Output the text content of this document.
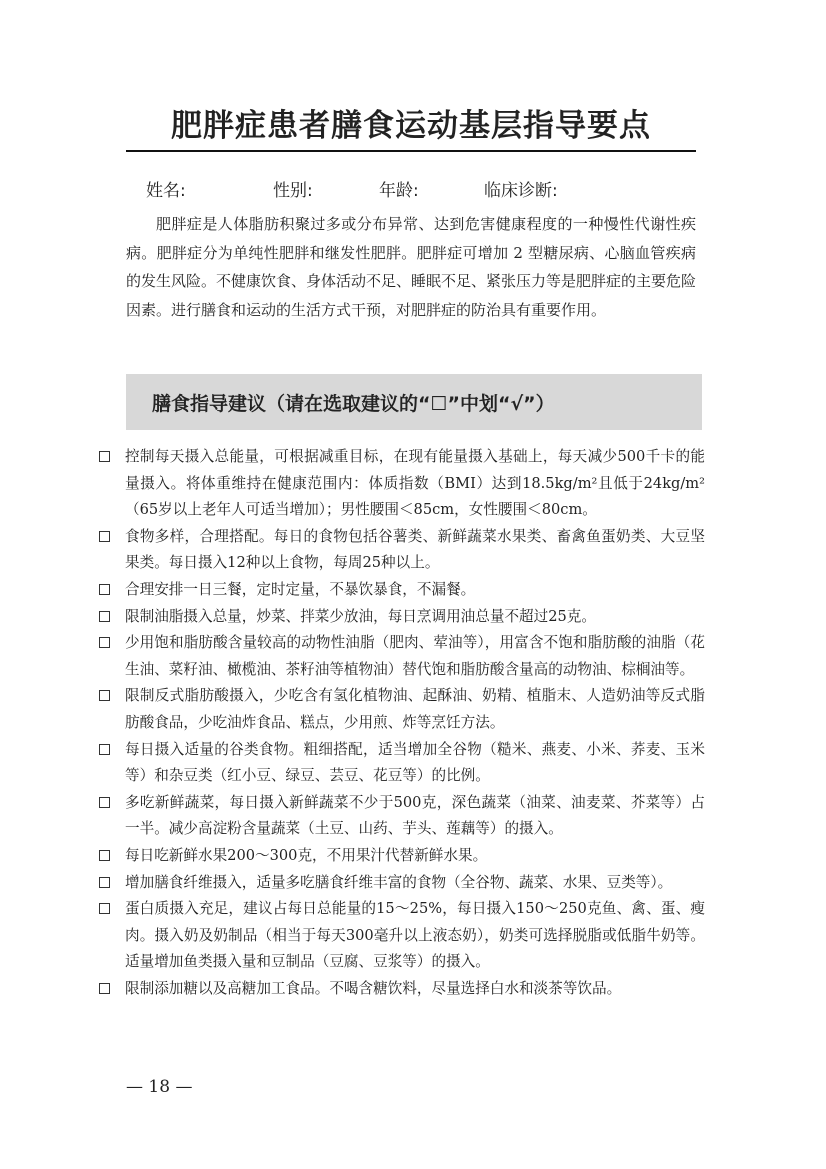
肥胖症患者膳食运动基层指导要点
姓名:	性别:	年龄:	临床诊断:
肥胖症是人体脂肪积聚过多或分布异常、达到危害健康程度的一种慢性代谢性疾病。肥胖症分为单纯性肥胖和继发性肥胖。肥胖症可增加 2 型糖尿病、心脑血管疾病的发生风险。不健康饮食、身体活动不足、睡眠不足、紧张压力等是肥胖症的主要危险因素。进行膳食和运动的生活方式干预，对肥胖症的防治具有重要作用。
膳食指导建议（请在选取建议的“☐”中划“√”）
控制每天摄入总能量，可根据减重目标，在现有能量摄入基础上，每天减少500千卡的能量摄入。将体重维持在健康范围内：体质指数（BMI）达到18.5kg/m²且低于24kg/m²（65岁以上老年人可适当增加）；男性腰围＜85cm，女性腰围＜80cm。
食物多样，合理搭配。每日的食物包括谷薯类、新鲜蔬菜水果类、畜禽鱼蛋奶类、大豆坚果类。每日摄入12种以上食物，每周25种以上。
合理安排一日三餐，定时定量，不暴饮暴食，不漏餐。
限制油脂摄入总量，炒菜、拌菜少放油，每日烹调用油总量不超过25克。
少用饱和脂肪酸含量较高的动物性油脂（肥肉、荤油等），用富含不饱和脂肪酸的油脂（花生油、菜籽油、橄榄油、茶籽油等植物油）替代饱和脂肪酸含量高的动物油、棕榈油等。
限制反式脂肪酸摄入，少吃含有氢化植物油、起酥油、奶精、植脂末、人造奶油等反式脂肪酸食品，少吃油炸食品、糕点，少用煎、炸等烹饪方法。
每日摄入适量的谷类食物。粗细搭配，适当增加全谷物（糙米、燕麦、小米、荞麦、玉米等）和杂豆类（红小豆、绿豆、芸豆、花豆等）的比例。
多吃新鲜蔬菜，每日摄入新鲜蔬菜不少于500克，深色蔬菜（油菜、油麦菜、芥菜等）占一半。减少高淀粉含量蔬菜（土豆、山药、芋头、莲藕等）的摄入。
每日吃新鲜水果200～300克，不用果汁代替新鲜水果。
增加膳食纤维摄入，适量多吃膳食纤维丰富的食物（全谷物、蔬菜、水果、豆类等）。
蛋白质摄入充足，建议占每日总能量的15～25%，每日摄入150～250克鱼、禽、蛋、瘦肉。摄入奶及奶制品（相当于每天300毫升以上液态奶），奶类可选择脱脂或低脂牛奶等。适量增加鱼类摄入量和豆制品（豆腐、豆浆等）的摄入。
限制添加糖以及高糖加工食品。不喝含糖饮料，尽量选择白水和淡茶等饮品。
— 18 —
